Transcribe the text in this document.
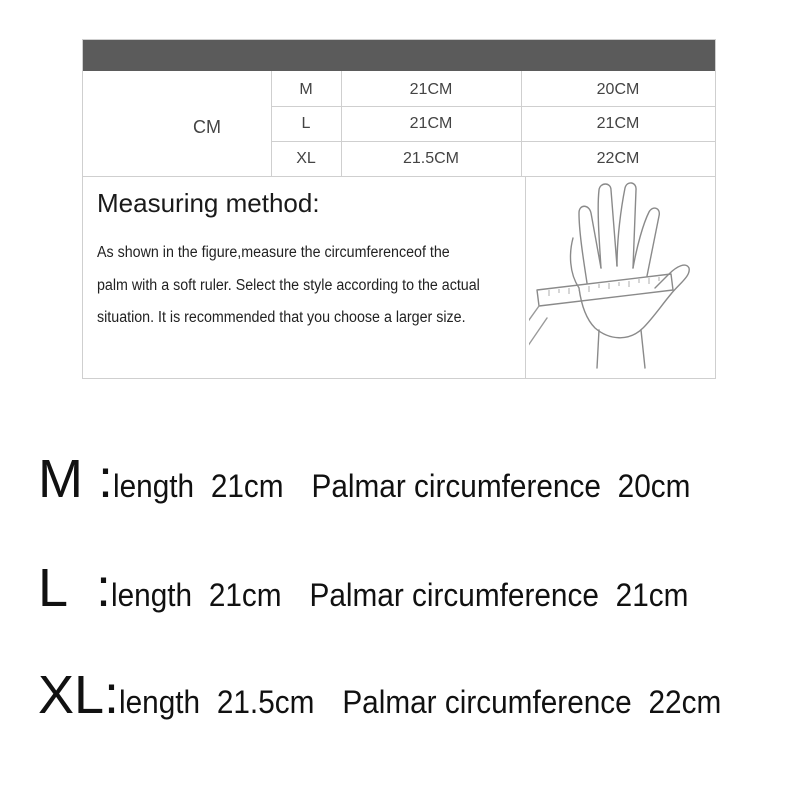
CM
M	21CM	20CM
L	21CM	21CM
XL	21.5CM	22CM
Measuring method:
As shown in the figure,measure the circumferenceof the palm with a soft ruler. Select the style according to the actual situation. It is recommended that you choose a larger size.
M :length 21cm Palmar circumference 20cm
L  :length 21cm Palmar circumference 21cm
XL:length 21.5cm Palmar circumference 22cm
